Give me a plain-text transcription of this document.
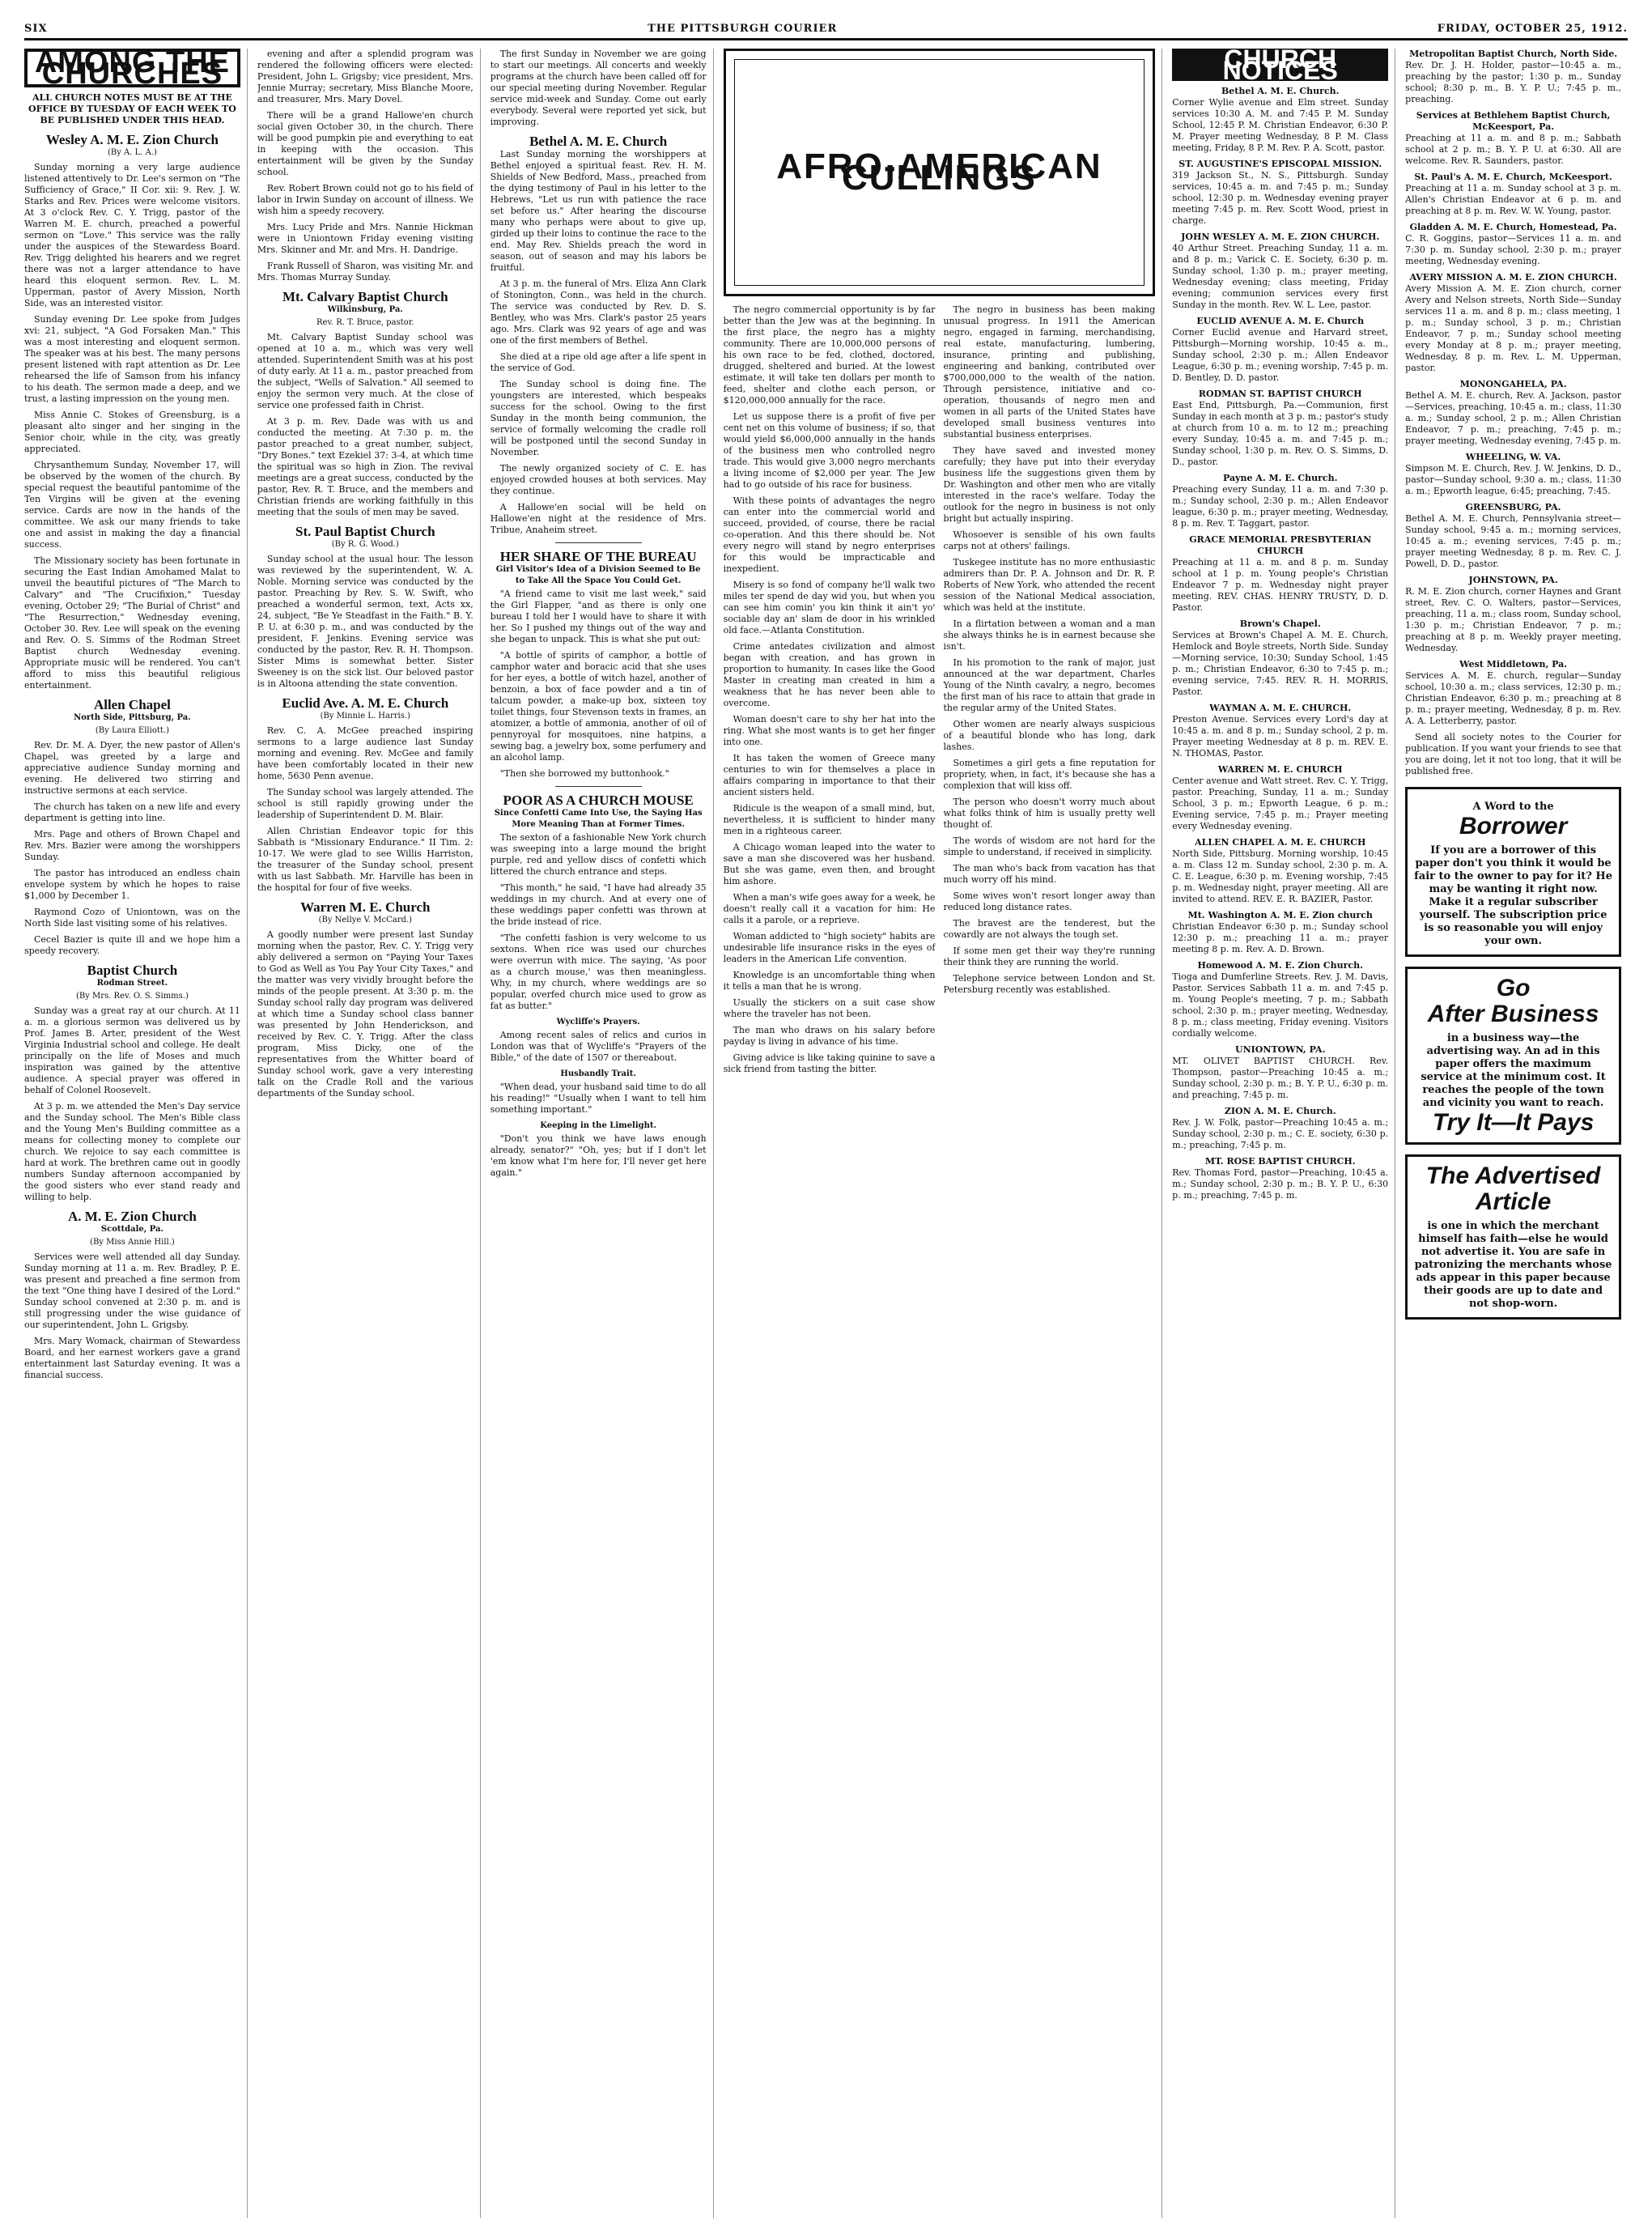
SIX	THE PITTSBURGH COURIER	FRIDAY, OCTOBER 25, 1912.
AMONG THE CHURCHES
ALL CHURCH NOTES MUST BE AT THE OFFICE BY TUESDAY OF EACH WEEK TO BE PUBLISHED UNDER THIS HEAD.
Wesley A. M. E. Zion Church
(By A. L. A.)

Sunday morning a very large audience listened attentively to Dr. Lee's sermon on "The Sufficiency of Grace," II Cor. xii: 9. Rev. J. W. Starks and Rev. Prices were welcome visitors. At 3 o'clock Rev. C. Y. Trigg, pastor of the Warren M. E. church, preached a powerful sermon on "Love." This service was the rally under the auspices of the Stewardess Board. Rev. Trigg delighted his hearers and we regret there was not a larger attendance to have heard this eloquent sermon. Rev. L. M. Upperman, pastor of Avery Mission, North Side, was an interested visitor.

Sunday evening Dr. Lee spoke from Judges xvi: 21, subject, "A God Forsaken Man." This was a most interesting and eloquent sermon. The speaker was at his best. The many persons present listened with rapt attention as Dr. Lee rehearsed the life of Samson from his infancy to his death. The sermon made a deep, and we trust, a lasting impression on the young men.

Miss Annie C. Stokes of Greensburg, is a pleasant alto singer and her singing in the Senior choir, while in the city, was greatly appreciated.

Chrysanthemum Sunday, November 17, will be observed by the women of the church. By special request the beautiful pantomime of the Ten Virgins will be given at the evening service. Cards are now in the hands of the committee. We ask our many friends to take one and assist in making the day a financial success.

The Missionary society has been fortunate in securing the East Indian Amohamed Malat to unveil the beautiful pictures of "The March to Calvary" and "The Crucifixion," Tuesday evening, October 29; "The Burial of Christ" and "The Resurrection," Wednesday evening, October 30. Rev. Lee will speak on the evening and Rev. O. S. Simms of the Rodman Street Baptist church Wednesday evening. Appropriate music will be rendered. You can't afford to miss this beautiful religious entertainment.

Allen Chapel
North Side, Pittsburg, Pa.
(By Laura Elliott.)

Rev. Dr. M. A. Dyer, the new pastor of Allen's Chapel, was greeted by a large and appreciative audience Sunday morning and evening. He delivered two stirring and instructive sermons at each service.

The church has taken on a new life and every department is getting into line.

Mrs. Page and others of Brown Chapel and Rev. Mrs. Bazier were among the worshippers Sunday.

The pastor has introduced an endless chain envelope system by which he hopes to raise $1,000 by December 1.

Raymond Cozo of Uniontown, was on the North Side last visiting some of his relatives.

Cecel Bazier is quite ill and we hope him a speedy recovery.

Baptist Church
Rodman Street.
(By Mrs. Rev. O. S. Simms.)

Sunday was a great ray at our church. At 11 a. m. a glorious sermon was delivered us by Prof. James B. Arter, president of the West Virginia Industrial school and college. He dealt principally on the life of Moses and much inspiration was gained by the attentive audience. A special prayer was offered in behalf of Colonel Roosevelt.

At 3 p. m. we attended the Men's Day service and the Sunday school. The Men's Bible class and the Young Men's Building committee as a means for collecting money to complete our church. We rejoice to say each committee is hard at work. The brethren came out in goodly numbers Sunday afternoon accompanied by the good sisters who ever stand ready and willing to help.

A. M. E. Zion Church
Scottdale, Pa.
(By Miss Annie Hill.)

Services were well attended all day Sunday. Sunday morning at 11 a. m. Rev. Bradley, P. E. was present and preached a fine sermon from the text "One thing have I desired of the Lord." Sunday school convened at 2:30 p. m. and is still progressing under the wise guidance of our superintendent, John L. Grigsby.

Mrs. Mary Womack, chairman of Stewardess Board, and her earnest workers gave a grand entertainment last Saturday evening. It was a financial success.

evening and after a splendid program was rendered the following officers were elected: President, John L. Grigsby; vice president, Mrs. Jennie Murray; secretary, Miss Blanche Moore, and treasurer, Mrs. Mary Dovel.

There will be a grand Hallowe'en church social given October 30, in the church. There will be good pumpkin pie and everything to eat in keeping with the occasion. This entertainment will be given by the Sunday school.

Rev. Robert Brown could not go to his field of labor in Irwin Sunday on account of illness. We wish him a speedy recovery.

Mrs. Lucy Pride and Mrs. Nannie Hickman were in Uniontown Friday evening visiting Mrs. Skinner and Mr. and Mrs. H. Dandrige.

Frank Russell of Sharon, was visiting Mr. and Mrs. Thomas Murray Sunday.

Mt. Calvary Baptist Church
Wilkinsburg, Pa.
Rev. R. T. Bruce, pastor.

Mt. Calvary Baptist Sunday school was opened at 10 a. m., which was very well attended. Superintendent Smith was at his post of duty early. At 11 a. m., pastor preached from the subject, "Wells of Salvation." All seemed to enjoy the sermon very much. At the close of service one professed faith in Christ.

At 3 p. m. Rev. Dade was with us and conducted the meeting. At 7:30 p. m. the pastor preached to a great number, subject, "Dry Bones." text Ezekiel 37: 3-4, at which time the spiritual was so high in Zion. The revival meetings are a great success, conducted by the pastor, Rev. R. T. Bruce, and the members and Christian friends are working faithfully in this meeting that the souls of men may be saved.

St. Paul Baptist Church
(By R. G. Wood.)

Sunday school at the usual hour. The lesson was reviewed by the superintendent, W. A. Noble. Morning service was conducted by the pastor. Preaching by Rev. S. W. Swift, who preached a wonderful sermon, text, Acts xx, 24, subject, "Be Ye Steadfast in the Faith." B. Y. P. U. at 6:30 p. m., and was conducted by the president, F. Jenkins. Evening service was conducted by the pastor, Rev. R. H. Thompson. Sister Mims is somewhat better. Sister Sweeney is on the sick list. Our beloved pastor is in Altoona attending the state convention.

Euclid Ave. A. M. E. Church
(By Minnie L. Harris.)

Rev. C. A. McGee preached inspiring sermons to a large audience last Sunday morning and evening. Rev. McGee and family have been comfortably located in their new home, 5630 Penn avenue.

The Sunday school was largely attended. The school is still rapidly growing under the leadership of Superintendent D. M. Blair.

Allen Christian Endeavor topic for this Sabbath is "Missionary Endurance." II Tim. 2: 10-17. We were glad to see Willis Harriston, the treasurer of the Sunday school, present with us last Sabbath. Mr. Harville has been in the hospital for four of five weeks.

Warren M. E. Church
(By Nellye V. McCard.)

A goodly number were present last Sunday morning when the pastor, Rev. C. Y. Trigg very ably delivered a sermon on "Paying Your Taxes to God as Well as You Pay Your City Taxes," and the matter was very vividly brought before the minds of the people present. At 3:30 p. m. the Sunday school rally day program was delivered at which time a Sunday school class banner was presented by John Henderickson, and received by Rev. C. Y. Trigg. After the class program, Miss Dicky, one of the representatives from the Whitter board of Sunday school work, gave a very interesting talk on the Cradle Roll and the various departments of the Sunday school.

The first Sunday in November we are going to start our meetings. All concerts and weekly programs at the church have been called off for our special meeting during November. Regular service mid-week and Sunday. Come out early everybody. Several were reported yet sick, but improving.

Bethel A. M. E. Church

Last Sunday morning the worshippers at Bethel enjoyed a spiritual feast. Rev. H. M. Shields of New Bedford, Mass., preached from the dying testimony of Paul in his letter to the Hebrews, "Let us run with patience the race set before us." After hearing the discourse many who perhaps were about to give up, girded up their loins to continue the race to the end. May Rev. Shields preach the word in season, out of season and may his labors be fruitful.

At 3 p. m. the funeral of Mrs. Eliza Ann Clark of Stonington, Conn., was held in the church. The service was conducted by Rev. D. S. Bentley, who was Mrs. Clark's pastor 25 years ago. Mrs. Clark was 92 years of age and was one of the first members of Bethel.

She died at a ripe old age after a life spent in the service of God.

The Sunday school is doing fine. The youngsters are interested, which bespeaks success for the school. Owing to the first Sunday in the month being communion, the service of formally welcoming the cradle roll will be postponed until the second Sunday in November.

The newly organized society of C. E. has enjoyed crowded houses at both services. May they continue.

A Hallowe'en social will be held on Hallowe'en night at the residence of Mrs. Tribue, Anaheim street.

HER SHARE OF THE BUREAU
Girl Visitor's Idea of a Division Seemed to Be to Take All the Space You Could Get.

"A friend came to visit me last week," said the Girl Flapper, "and as there is only one bureau I told her I would have to share it with her. So I pushed my things out of the way and she began to unpack. This is what she put out:

"A bottle of spirits of camphor, a bottle of camphor water and boracic acid that she uses for her eyes, a bottle of witch hazel, another of benzoin, a box of face powder and a tin of talcum powder, a make-up box, sixteen toy toilet things, four Stevenson texts in frames, an atomizer, a bottle of ammonia, another of oil of pennyroyal for mosquitoes, nine hatpins, a sewing bag, a jewelry box, some perfumery and an alcohol lamp.

"Then she borrowed my buttonhook."

POOR AS A CHURCH MOUSE
Since Confetti Came Into Use, the Saying Has More Meaning Than at Former Times.

The sexton of a fashionable New York church was sweeping into a large mound the bright purple, red and yellow discs of confetti which littered the church entrance and steps.

"This month," he said, "I have had already 35 weddings in my church. And at every one of these weddings paper confetti was thrown at the bride instead of rice.

"The confetti fashion is very welcome to us sextons. When rice was used our churches were overrun with mice. The saying, 'As poor as a church mouse,' was then meaningless. Why, in my church, where weddings are so popular, overfed church mice used to grow as fat as butter."

Wycliffe's Prayers.

Among recent sales of relics and curios in London was that of Wycliffe's "Prayers of the Bible," of the date of 1507 or thereabout.

Husbandly Trait.

"When dead, your husband said time to do all his reading!" "Usually when I want to tell him something important."

Keeping in the Limelight.

"Don't you think we have laws enough already, senator?" "Oh, yes; but if I don't let 'em know what I'm here for, I'll never get here again."

AFRO-AMERICAN CULLINGS

The negro commercial opportunity is by far better than the Jew was at the beginning. In the first place, the negro has a mighty community. There are 10,000,000 persons of his own race to be fed, clothed, doctored, drugged, sheltered and buried. At the lowest estimate, it will take ten dollars per month to feed, shelter and clothe each person, or $120,000,000 annually for the race.

Let us suppose there is a profit of five per cent net on this volume of business; if so, that would yield $6,000,000 annually in the hands of the business men who controlled negro trade. This would give 3,000 negro merchants a living income of $2,000 per year. The Jew had to go outside of his race for business.

With these points of advantages the negro can enter into the commercial world and succeed, provided, of course, there be racial co-operation. And this there should be. Not every negro will stand by negro enterprises for this would be impracticable and inexpedient.

Misery is so fond of company he'll walk two miles ter spend de day wid you, but when you can see him comin' you kin think it ain't yo' sociable day an' slam de door in his wrinkled old face.—Atlanta Constitution.

Crime antedates civilization and almost began with creation, and has grown in proportion to humanity. In cases like the Good Master in creating man created in him a weakness that he has never been able to overcome.

Woman doesn't care to shy her hat into the ring. What she most wants is to get her finger into one.

It has taken the women of Greece many centuries to win for themselves a place in affairs comparing in importance to that their ancient sisters held.

Ridicule is the weapon of a small mind, but, nevertheless, it is sufficient to hinder many men in a righteous career.

A Chicago woman leaped into the water to save a man she discovered was her husband. But she was game, even then, and brought him ashore.

When a man's wife goes away for a week, he doesn't really call it a vacation for him: He calls it a parole, or a reprieve.

Woman addicted to "high society" habits are undesirable life insurance risks in the eyes of leaders in the American Life convention.

Knowledge is an uncomfortable thing when it tells a man that he is wrong.

Usually the stickers on a suit case show where the traveler has not been.

The man who draws on his salary before payday is living in advance of his time.

Giving advice is like taking quinine to save a sick friend from tasting the bitter.

The negro in business has been making unusual progress. In 1911 the American negro, engaged in farming, merchandising, real estate, manufacturing, lumbering, insurance, printing and publishing, engineering and banking, contributed over $700,000,000 to the wealth of the nation. Through persistence, initiative and co-operation, thousands of negro men and women in all parts of the United States have developed small business ventures into substantial business enterprises.

They have saved and invested money carefully; they have put into their everyday business life the suggestions given them by Dr. Washington and other men who are vitally interested in the race's welfare. Today the outlook for the negro in business is not only bright but actually inspiring.

Whosoever is sensible of his own faults carps not at others' failings.

Tuskegee institute has no more enthusiastic admirers than Dr. P. A. Johnson and Dr. R. P. Roberts of New York, who attended the recent session of the National Medical association, which was held at the institute.

In a flirtation between a woman and a man she always thinks he is in earnest because she isn't.

In his promotion to the rank of major, just announced at the war department, Charles Young of the Ninth cavalry, a negro, becomes the first man of his race to attain that grade in the regular army of the United States.

Other women are nearly always suspicious of a beautiful blonde who has long, dark lashes.

Sometimes a girl gets a fine reputation for propriety, when, in fact, it's because she has a complexion that will kiss off.

The person who doesn't worry much about what folks think of him is usually pretty well thought of.

The words of wisdom are not hard for the simple to understand, if received in simplicity.

The man who's back from vacation has that much worry off his mind.

Some wives won't resort longer away than reduced long distance rates.

The bravest are the tenderest, but the cowardly are not always the tough set.

If some men get their way they're running their think they are running the world.

Telephone service between London and St. Petersburg recently was established.

CHURCH NOTICES
Bethel A. M. E. Church.
Corner Wylie avenue and Elm street. Sunday services 10:30 A. M. and 7:45 P. M. Sunday School, 12:45 P. M. Christian Endeavor, 6:30 P. M. Prayer meeting Wednesday, 8 P. M. Class meeting, Friday, 8 P. M. Rev. P. A. Scott, pastor.
ST. AUGUSTINE'S EPISCOPAL MISSION.
319 Jackson St., N. S., Pittsburgh. Sunday services, 10:45 a. m. and 7:45 p. m.; Sunday school, 12:30 p. m. Wednesday evening prayer meeting 7:45 p. m. Rev. Scott Wood, priest in charge.
JOHN WESLEY A. M. E. ZION CHURCH.
40 Arthur Street. Preaching Sunday, 11 a. m. and 8 p. m.; Varick C. E. Society, 6:30 p. m. Sunday school, 1:30 p. m.; prayer meeting, Wednesday evening; class meeting, Friday evening; communion services every first Sunday in the month. Rev. W. L. Lee, pastor.
EUCLID AVENUE A. M. E. Church
Corner Euclid avenue and Harvard street, Pittsburgh—Morning worship, 10:45 a. m., Sunday school, 2:30 p. m.; Allen Endeavor League, 6:30 p. m.; evening worship, 7:45 p. m. D. Bentley, D. D. pastor.
RODMAN ST. BAPTIST CHURCH
East End, Pittsburgh, Pa.—Communion, first Sunday in each month at 3 p. m.; pastor's study at church from 10 a. m. to 12 m.; preaching every Sunday, 10:45 a. m. and 7:45 p. m.; Sunday school, 1:30 p. m. Rev. O. S. Simms, D. D., pastor.
Payne A. M. E. Church.
Preaching every Sunday, 11 a. m. and 7:30 p. m.; Sunday school, 2:30 p. m.; Allen Endeavor league, 6:30 p. m.; prayer meeting, Wednesday, 8 p. m. Rev. T. Taggart, pastor.
GRACE MEMORIAL PRESBYTERIAN CHURCH
Preaching at 11 a. m. and 8 p. m. Sunday school at 1 p. m. Young people's Christian Endeavor 7 p. m. Wednesday night prayer meeting. REV. CHAS. HENRY TRUSTY, D. D. Pastor.
Brown's Chapel.
Services at Brown's Chapel A. M. E. Church, Hemlock and Boyle streets, North Side. Sunday—Morning service, 10:30; Sunday School, 1:45 p. m.; Christian Endeavor, 6:30 to 7:45 p. m.; evening service, 7:45. REV. R. H. MORRIS, Pastor.
WAYMAN A. M. E. CHURCH.
Preston Avenue. Services every Lord's day at 10:45 a. m. and 8 p. m.; Sunday school, 2 p. m. Prayer meeting Wednesday at 8 p. m. REV. E. N. THOMAS, Pastor.
WARREN M. E. CHURCH
Center avenue and Watt street. Rev. C. Y. Trigg, pastor. Preaching, Sunday, 11 a. m.; Sunday School, 3 p. m.; Epworth League, 6 p. m.; Evening service, 7:45 p. m.; Prayer meeting every Wednesday evening.
ALLEN CHAPEL A. M. E. CHURCH
North Side, Pittsburg. Morning worship, 10:45 a. m. Class 12 m. Sunday school, 2:30 p. m. A. C. E. League, 6:30 p. m. Evening worship, 7:45 p. m. Wednesday night, prayer meeting. All are invited to attend. REV. E. R. BAZIER, Pastor.
Mt. Washington A. M. E. Zion church
Christian Endeavor 6:30 p. m.; Sunday school 12:30 p. m.; preaching 11 a. m.; prayer meeting 8 p. m. Rev. A. D. Brown.
Homewood A. M. E. Zion Church.
Tioga and Dumferline Streets. Rev. J. M. Davis, Pastor. Services Sabbath 11 a. m. and 7:45 p. m. Young People's meeting, 7 p. m.; Sabbath school, 2:30 p. m.; prayer meeting, Wednesday, 8 p. m.; class meeting, Friday evening. Visitors cordially welcome.
UNIONTOWN, PA.
MT. OLIVET BAPTIST CHURCH. Rev. Thompson, pastor—Preaching 10:45 a. m.; Sunday school, 2:30 p. m.; B. Y. P. U., 6:30 p. m. and preaching, 7:45 p. m.
ZION A. M. E. Church.
Rev. J. W. Folk, pastor—Preaching 10:45 a. m.; Sunday school, 2:30 p. m.; C. E. society, 6:30 p. m.; preaching, 7:45 p. m.
MT. ROSE BAPTIST CHURCH.
Rev. Thomas Ford, pastor—Preaching, 10:45 a. m.; Sunday school, 2:30 p. m.; B. Y. P. U., 6:30 p. m.; preaching, 7:45 p. m.
Metropolitan Baptist Church, North Side.
Rev. Dr. J. H. Holder, pastor—10:45 a. m., preaching by the pastor; 1:30 p. m., Sunday school; 8:30 p. m., B. Y. P. U.; 7:45 p. m., preaching.
Services at Bethlehem Baptist Church, McKeesport, Pa.
Preaching at 11 a. m. and 8 p. m.; Sabbath school at 2 p. m.; B. Y. P. U. at 6:30. All are welcome. Rev. R. Saunders, pastor.
St. Paul's A. M. E. Church, McKeesport.
Preaching at 11 a. m. Sunday school at 3 p. m. Allen's Christian Endeavor at 6 p. m. and preaching at 8 p. m. Rev. W. W. Young, pastor.
Gladden A. M. E. Church, Homestead, Pa.
C. R. Goggins, pastor—Services 11 a. m. and 7:30 p. m. Sunday school, 2:30 p. m.; prayer meeting, Wednesday evening.
AVERY MISSION A. M. E. ZION CHURCH.
Avery Mission A. M. E. Zion church, corner Avery and Nelson streets, North Side—Sunday services 11 a. m. and 8 p. m.; class meeting, 1 p. m.; Sunday school, 3 p. m.; Christian Endeavor, 7 p. m.; Sunday school meeting every Monday at 8 p. m.; prayer meeting, Wednesday, 8 p. m. Rev. L. M. Upperman, pastor.
MONONGAHELA, PA.
Bethel A. M. E. church, Rev. A. Jackson, pastor—Services, preaching, 10:45 a. m.; class, 11:30 a. m.; Sunday school, 2 p. m.; Allen Christian Endeavor, 7 p. m.; preaching, 7:45 p. m.; prayer meeting, Wednesday evening, 7:45 p. m.
WHEELING, W. VA.
Simpson M. E. Church, Rev. J. W. Jenkins, D. D., pastor—Sunday school, 9:30 a. m.; class, 11:30 a. m.; Epworth league, 6:45; preaching, 7:45.
GREENSBURG, PA.
Bethel A. M. E. Church, Pennsylvania street—Sunday school, 9:45 a. m.; morning services, 10:45 a. m.; evening services, 7:45 p. m.; prayer meeting Wednesday, 8 p. m. Rev. C. J. Powell, D. D., pastor.
JOHNSTOWN, PA.
R. M. E. Zion church, corner Haynes and Grant street, Rev. C. O. Walters, pastor—Services, preaching, 11 a. m.; class room, Sunday school, 1:30 p. m.; Christian Endeavor, 7 p. m.; preaching at 8 p. m. Weekly prayer meeting, Wednesday.
West Middletown, Pa.
Services A. M. E. church, regular—Sunday school, 10:30 a. m.; class services, 12:30 p. m.; Christian Endeavor, 6:30 p. m.; preaching at 8 p. m.; prayer meeting, Wednesday, 8 p. m. Rev. A. A. Letterberry, pastor.

Send all society notes to the Courier for publication. If you want your friends to see that you are doing, let it not too long, that it will be published free.

A Word to the
Borrower
If you are a borrower of this paper don't you think it would be fair to the owner to pay for it? He may be wanting it right now. Make it a regular subscriber yourself. The subscription price is so reasonable you will enjoy your own.
Go
After Business
in a business way—the advertising way. An ad in this paper offers the maximum service at the minimum cost. It reaches the people of the town and vicinity you want to reach.
Try It—It Pays
The Advertised Article
is one in which the merchant himself has faith—else he would not advertise it. You are safe in patronizing the merchants whose ads appear in this paper because their goods are up to date and not shop-worn.
